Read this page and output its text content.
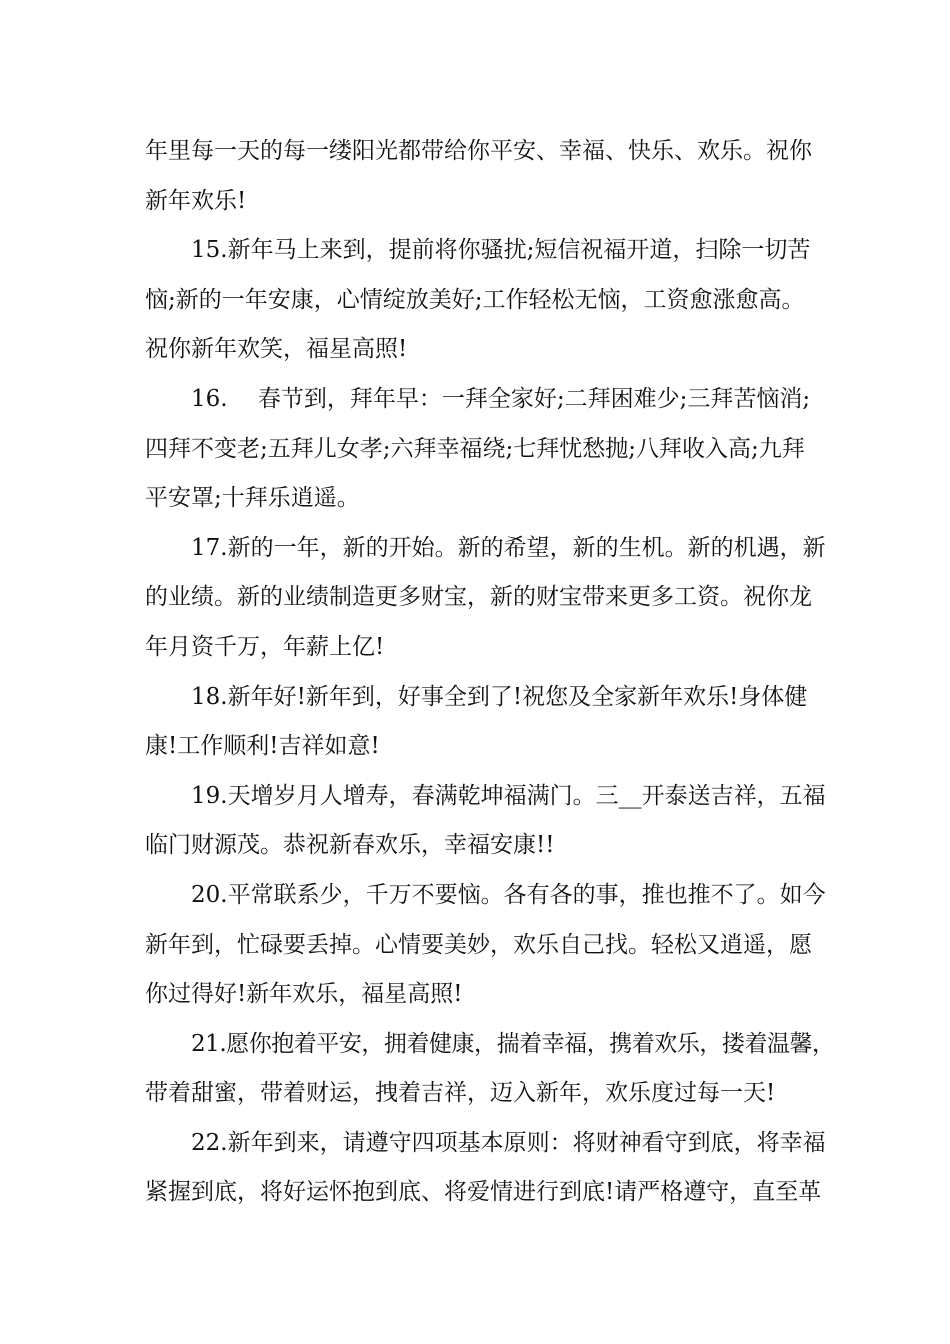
年里每一天的每一缕阳光都带给你平安、幸福、快乐、欢乐。祝你
新年欢乐!
15.新年马上来到，提前将你骚扰;短信祝福开道，扫除一切苦
恼;新的一年安康，心情绽放美好;工作轻松无恼，工资愈涨愈高。
祝你新年欢笑，福星高照!
16.　 春节到，拜年早：一拜全家好;二拜困难少;三拜苦恼消;
四拜不变老;五拜儿女孝;六拜幸福绕;七拜忧愁抛;八拜收入高;九拜
平安罩;十拜乐逍遥。
17.新的一年，新的开始。新的希望，新的生机。新的机遇，新
的业绩。新的业绩制造更多财宝，新的财宝带来更多工资。祝你龙
年月资千万，年薪上亿!
18.新年好!新年到，好事全到了!祝您及全家新年欢乐!身体健
康!工作顺利!吉祥如意!
19.天增岁月人增寿，春满乾坤福满门。三__开泰送吉祥，五福
临门财源茂。恭祝新春欢乐，幸福安康!!
20.平常联系少，千万不要恼。各有各的事，推也推不了。如今
新年到，忙碌要丢掉。心情要美妙，欢乐自己找。轻松又逍遥，愿
你过得好!新年欢乐，福星高照!
21.愿你抱着平安，拥着健康，揣着幸福，携着欢乐，搂着温馨，
带着甜蜜，带着财运，拽着吉祥，迈入新年，欢乐度过每一天!
22.新年到来，请遵守四项基本原则：将财神看守到底，将幸福
紧握到底，将好运怀抱到底、将爱情进行到底!请严格遵守，直至革
